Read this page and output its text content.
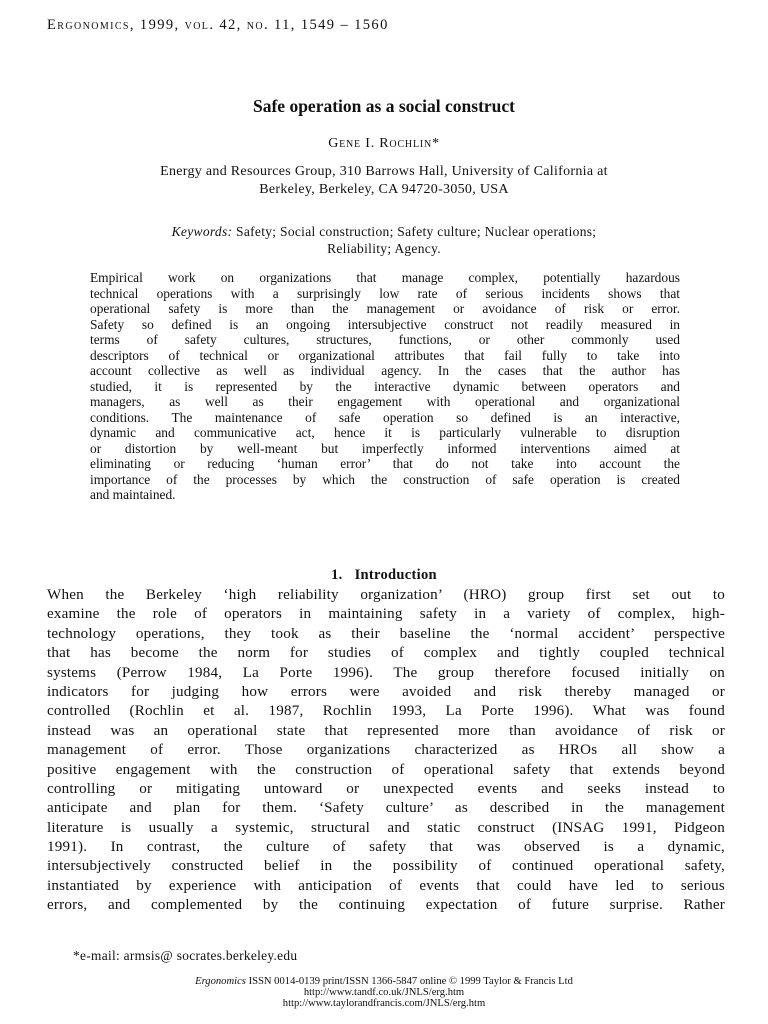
Ergonomics, 1999, vol. 42, no. 11, 1549 – 1560
Safe operation as a social construct
Gene I. Rochlin*
Energy and Resources Group, 310 Barrows Hall, University of California at
Berkeley, Berkeley, CA 94720-3050, USA
Keywords: Safety; Social construction; Safety culture; Nuclear operations;
Reliability; Agency.
Empirical work on organizations that manage complex, potentially hazardous
technical operations with a surprisingly low rate of serious incidents shows that
operational safety is more than the management or avoidance of risk or error.
Safety so defined is an ongoing intersubjective construct not readily measured in
terms of safety cultures, structures, functions, or other commonly used
descriptors of technical or organizational attributes that fail fully to take into
account collective as well as individual agency. In the cases that the author has
studied, it is represented by the interactive dynamic between operators and
managers, as well as their engagement with operational and organizational
conditions. The maintenance of safe operation so defined is an interactive,
dynamic and communicative act, hence it is particularly vulnerable to disruption
or distortion by well-meant but imperfectly informed interventions aimed at
eliminating or reducing ‘human error’ that do not take into account the
importance of the processes by which the construction of safe operation is created
and maintained.
1. Introduction
When the Berkeley ‘high reliability organization’ (HRO) group first set out to
examine the role of operators in maintaining safety in a variety of complex, high-
technology operations, they took as their baseline the ‘normal accident’ perspective
that has become the norm for studies of complex and tightly coupled technical
systems (Perrow 1984, La Porte 1996). The group therefore focused initially on
indicators for judging how errors were avoided and risk thereby managed or
controlled (Rochlin et al. 1987, Rochlin 1993, La Porte 1996). What was found
instead was an operational state that represented more than avoidance of risk or
management of error. Those organizations characterized as HROs all show a
positive engagement with the construction of operational safety that extends beyond
controlling or mitigating untoward or unexpected events and seeks instead to
anticipate and plan for them. ‘Safety culture’ as described in the management
literature is usually a systemic, structural and static construct (INSAG 1991, Pidgeon
1991). In contrast, the culture of safety that was observed is a dynamic,
intersubjectively constructed belief in the possibility of continued operational safety,
instantiated by experience with anticipation of events that could have led to serious
errors, and complemented by the continuing expectation of future surprise. Rather
*e-mail: armsis@ socrates.berkeley.edu
Ergonomics ISSN 0014-0139 print/ISSN 1366-5847 online © 1999 Taylor & Francis Ltd
http://www.tandf.co.uk/JNLS/erg.htm
http://www.taylorandfrancis.com/JNLS/erg.htm
